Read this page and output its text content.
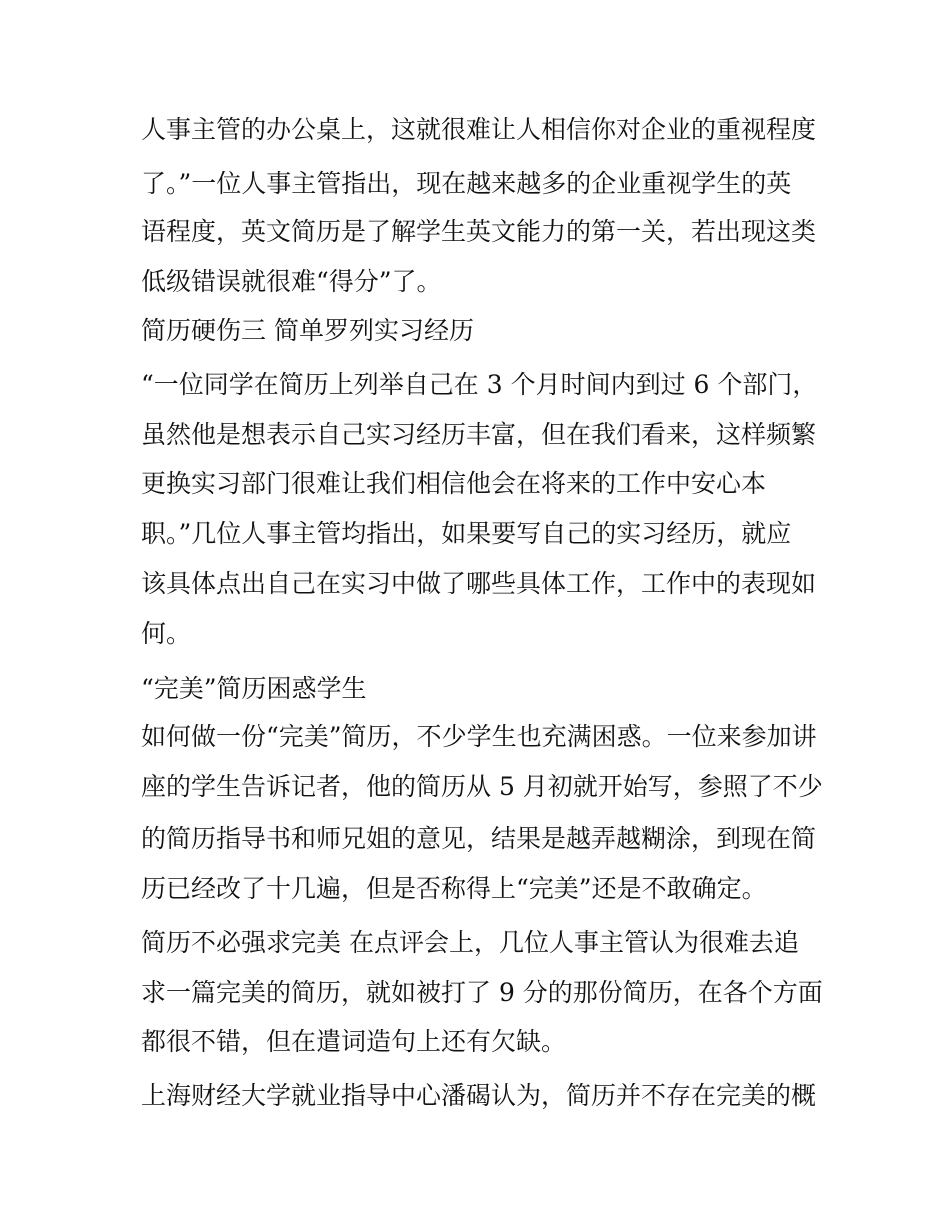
人事主管的办公桌上，这就很难让人相信你对企业的重视程度
了。”一位人事主管指出，现在越来越多的企业重视学生的英
语程度，英文简历是了解学生英文能力的第一关，若出现这类
低级错误就很难“得分”了。
简历硬伤三 简单罗列实习经历
“一位同学在简历上列举自己在 3 个月时间内到过 6 个部门，
虽然他是想表示自己实习经历丰富，但在我们看来，这样频繁
更换实习部门很难让我们相信他会在将来的工作中安心本
职。”几位人事主管均指出，如果要写自己的实习经历，就应
该具体点出自己在实习中做了哪些具体工作，工作中的表现如
何。
“完美”简历困惑学生
如何做一份“完美”简历，不少学生也充满困惑。一位来参加讲
座的学生告诉记者，他的简历从 5 月初就开始写，参照了不少
的简历指导书和师兄姐的意见，结果是越弄越糊涂，到现在简
历已经改了十几遍，但是否称得上“完美”还是不敢确定。
简历不必强求完美 在点评会上，几位人事主管认为很难去追
求一篇完美的简历，就如被打了 9 分的那份简历，在各个方面
都很不错，但在遣词造句上还有欠缺。
上海财经大学就业指导中心潘碣认为，简历并不存在完美的概
